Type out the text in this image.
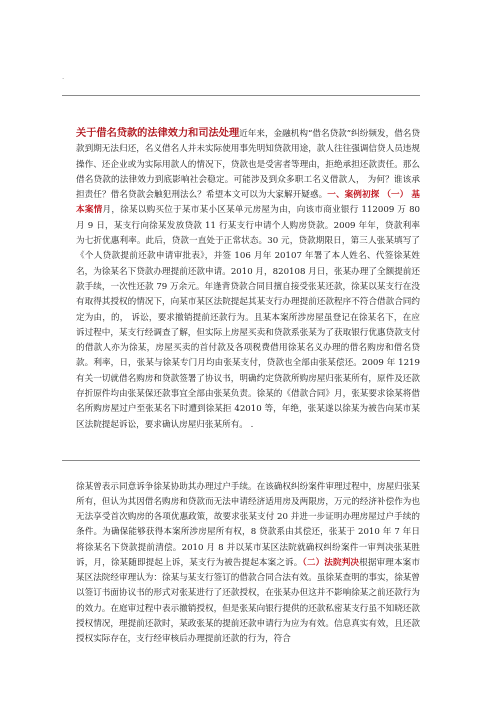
.

关于借名贷款的法律效力和司法处理近年来，金融机构“借名贷款”纠纷频发，借名贷款到期无法归还，名义借名人并未实际使用事先明知贷款用途，款人往往强调信贷人员违规操作、还企业或为实际用款人的情况下，贷款也是受害者等理由，拒绝承担还款责任。那么借名贷款的法律效力到底影响社会稳定。可能涉及到众多职工名义借款人， 为何？谁该承担责任？借名贷款会触犯刑法么？希望本文可以为大家解开疑惑。一、案例初探 （一） 基本案情月，徐某以购买位于某市某小区某单元房屋为由，向该市商业银行 112009 万 80 月 9 日，某支行向徐某发放贷款 11 行某支行申请个人购房贷款。2009 年年，贷款利率为七折优惠利率。此后，贷款一直处于正常状态。30 元，贷款期限日，第三人张某填写了《个人贷款提前还款申请审批表》，并签 106 月年 20107 年署了本人姓名、代签徐某姓名，为徐某名下贷款办理提前还款申请。2010 月，820108 月日，张某办理了全额提前还款手续，一次性还款 79 万余元。年逢背贷款合同目擅自接受张某还款，徐某以某支行在没有取得其授权的情况下，向某市某区法院提起其某支行办理提前还款程序不符合借款合同约定为由，的， 诉讼，要求撤销提前还款行为。且某本案所涉房屋虽登记在徐某名下，在应诉过程中，某支行经调查了解，但实际上房屋买卖和贷款系张某为了获取银行优惠贷款支付的借款人亦为徐某，房屋买卖的首付款及各项税费借用徐某名义办理的借名购房和借名贷款。利率，日，张某与徐某专门月均由张某支付，贷款也全部由张某偿还。2009 年 1219 有关一切就借名购房和贷款签署了协议书，明确约定贷款所购房屋归张某所有，原件及还款存折原件均由张某保还款事宜全部由张某负责。徐某的《借款合同》月，张某要求徐某将借名所购房屋过户至张某名下时遭到徐某拒 42010 等，年绝，张某遂以徐某为被告向某市某区法院提起诉讼，要求确认房屋归张某所有。 .

徐某曾表示同意诉争徐某协助其办理过户手续。在该确权纠纷案件审理过程中，房屋归张某所有，但认为其因借名购房和贷款而无法申请经济适用房及两限房，万元的经济补偿作为也无法享受首次购房的各项优惠政策，故要求张某支付 20 并进一步证明办理房屋过户手续的条件。为确保能够获得本案所涉房屋所有权，8 贷款系由其偿还，张某于 2010 年 7 年日将徐某名下贷款提前清偿。2010 月 8 并以某市某区法院就确权纠纷案件一审判决张某胜诉，月，徐某随即提起上诉，某支行为被告提起本案之诉。（二）法院判决根据审理本案市某区法院经审理认为：徐某与某支行签订的借款合同合法有效。虽徐某查明的事实，徐某曾以签订书面协议书的形式对张某进行了还款授权，在张某办但这并不影响徐某之前还款行为的效力。在庭审过程中表示撤销授权，但是张某向银行提供的还款私密某支行虽不知晓还款授权情况，理提前还款时，某政张某的提前还款申请行为应为有效。信息真实有效，且还款授权实际存在，支行经审核后办理提前还款的行为，符合
